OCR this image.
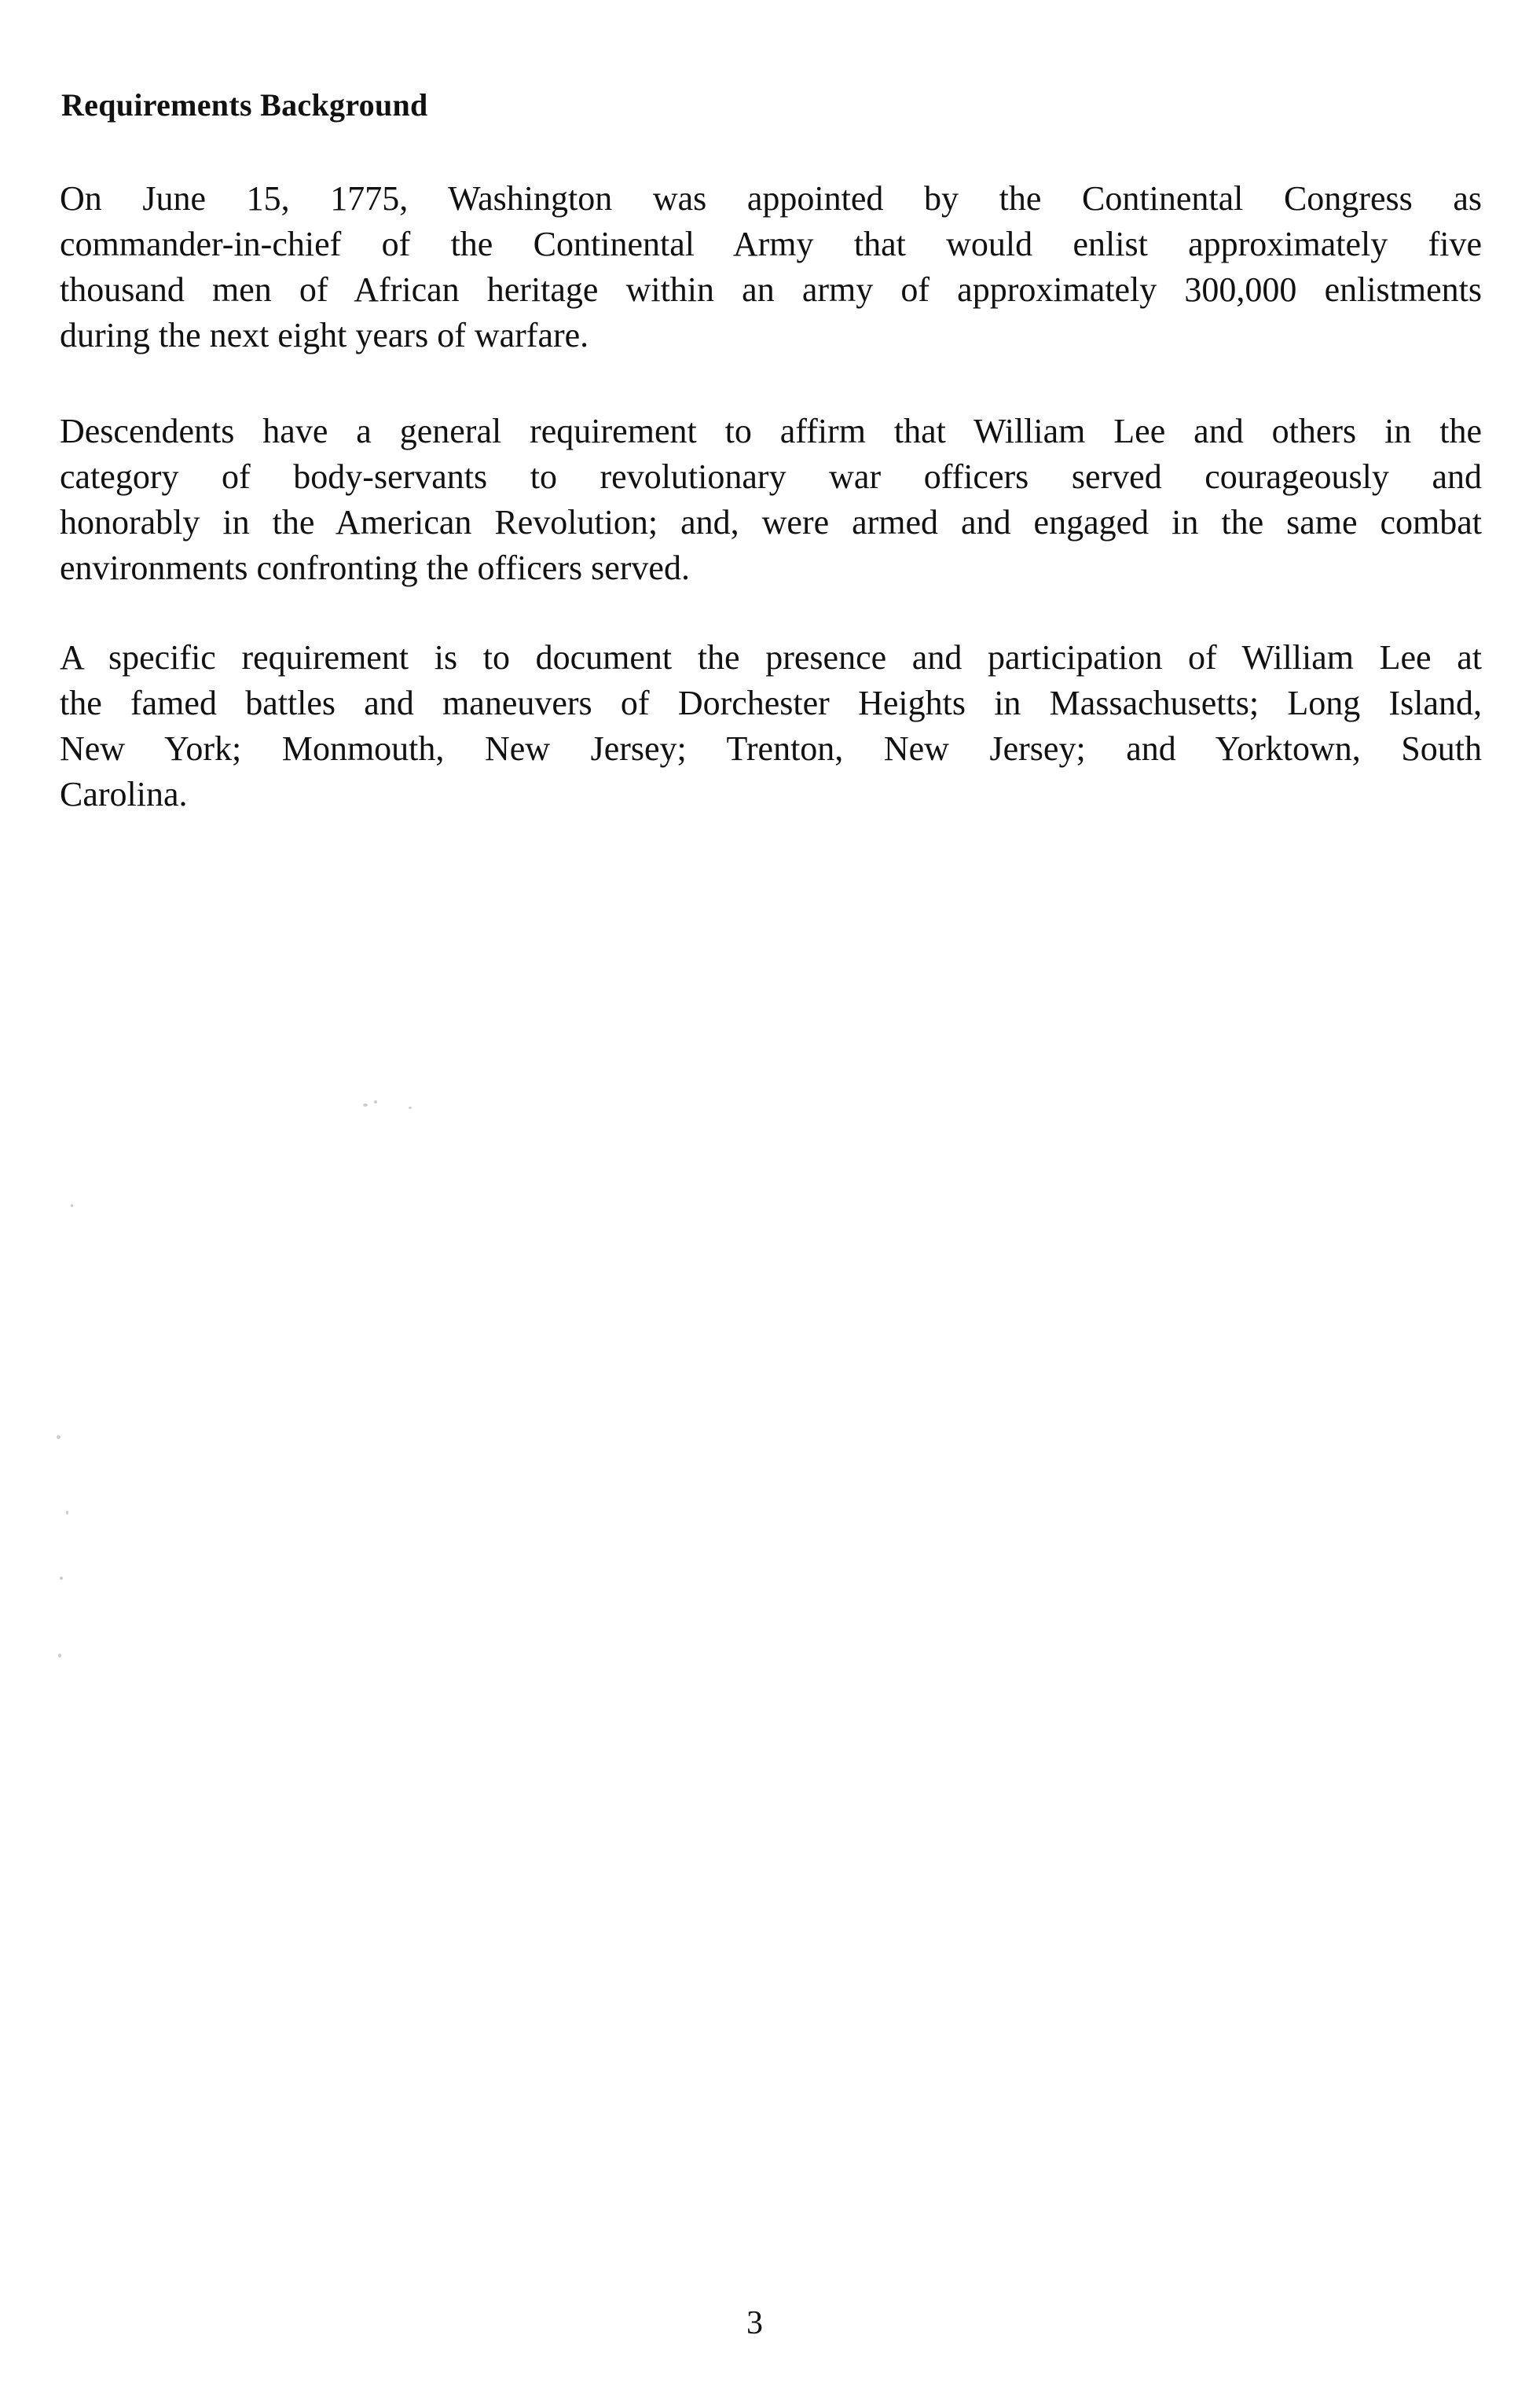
Requirements Background
On June 15, 1775, Washington was appointed by the Continental Congress as
commander-in-chief of the Continental Army that would enlist approximately five
thousand men of African heritage within an army of approximately 300,000 enlistments
during the next eight years of warfare.
Descendents have a general requirement to affirm that William Lee and others in the
category of body-servants to revolutionary war officers served courageously and
honorably in the American Revolution; and, were armed and engaged in the same combat
environments confronting the officers served.
A specific requirement is to document the presence and participation of William Lee at
the famed battles and maneuvers of Dorchester Heights in Massachusetts; Long Island,
New York; Monmouth, New Jersey; Trenton, New Jersey; and Yorktown, South
Carolina.
3
